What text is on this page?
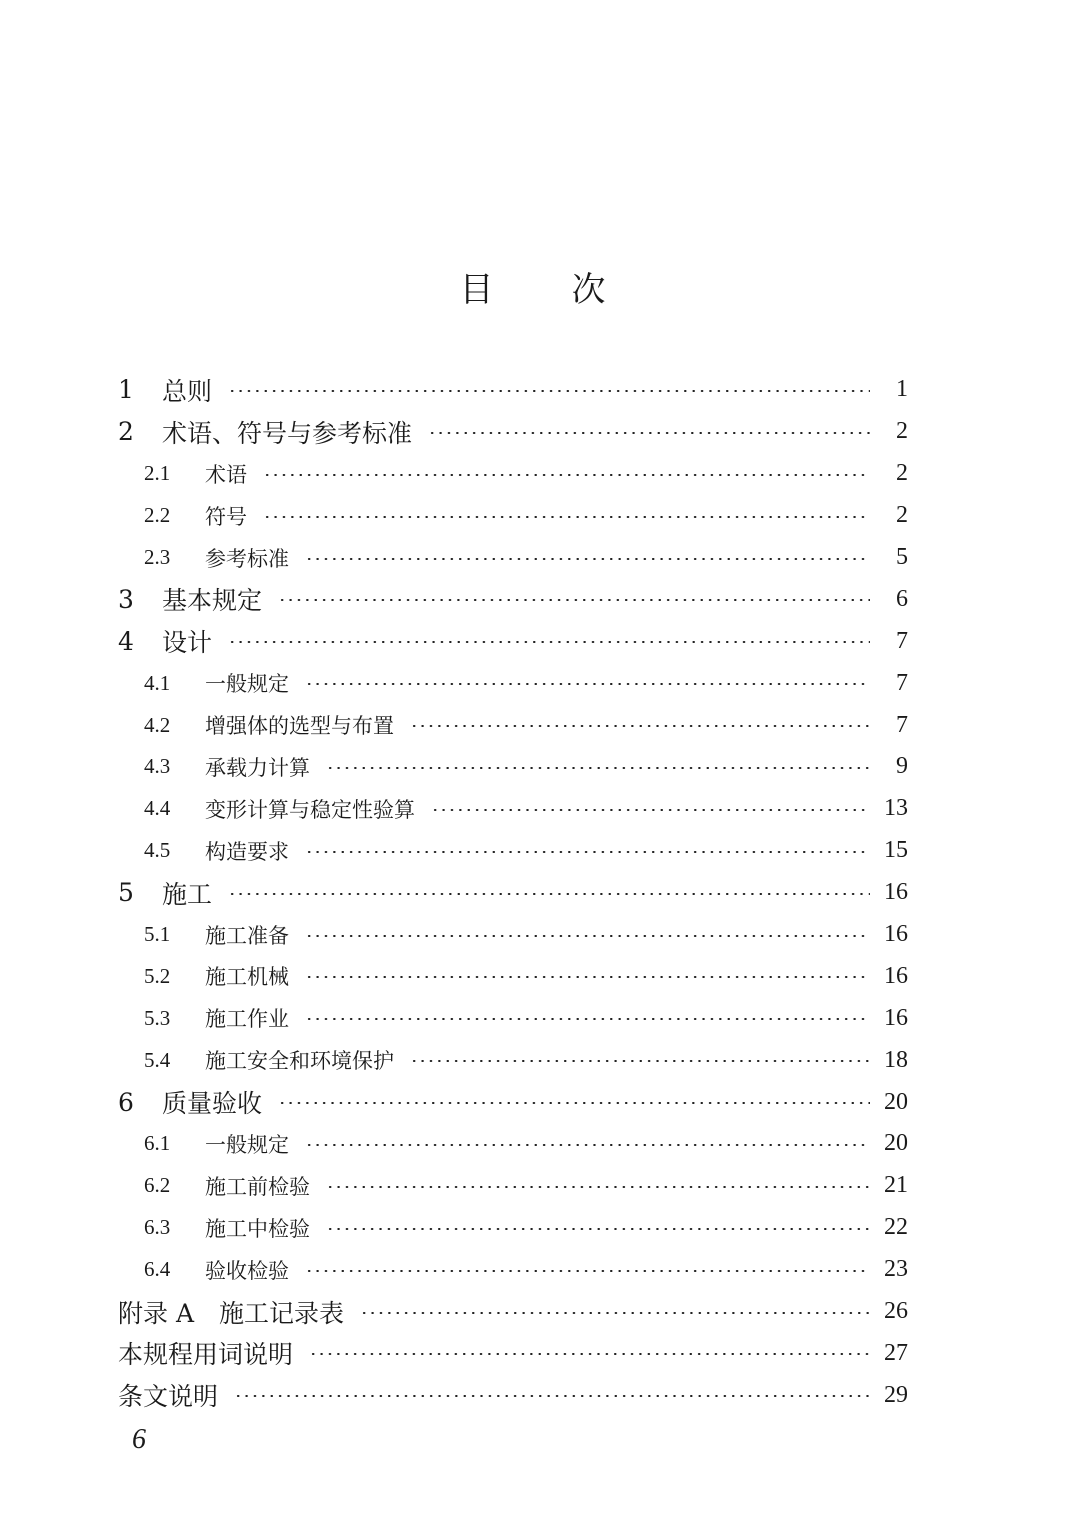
目 次
1	总则	1
2	术语、符号与参考标准	2
2.1	术语	2
2.2	符号	2
2.3	参考标准	5
3	基本规定	6
4	设计	7
4.1	一般规定	7
4.2	增强体的选型与布置	7
4.3	承载力计算	9
4.4	变形计算与稳定性验算	13
4.5	构造要求	15
5	施工	16
5.1	施工准备	16
5.2	施工机械	16
5.3	施工作业	16
5.4	施工安全和环境保护	18
6	质量验收	20
6.1	一般规定	20
6.2	施工前检验	21
6.3	施工中检验	22
6.4	验收检验	23
附录 A　施工记录表	26
本规程用词说明	27
条文说明	29
6
